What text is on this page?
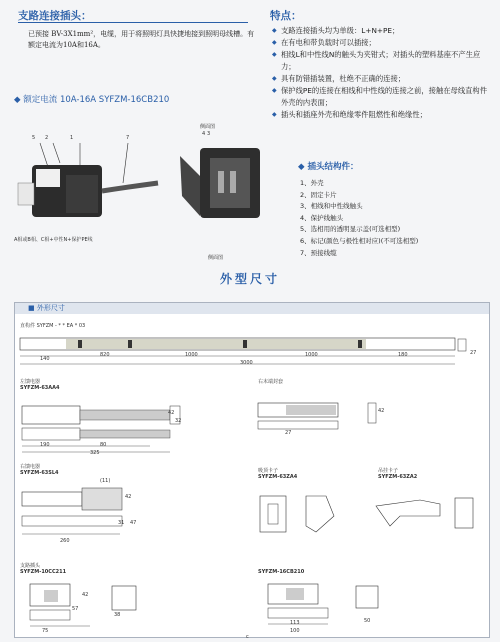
支路连接插头：
已预接 BV-3X1mm²，电缆，用于将照明灯具快捷地接到照明母线槽。有额定电流为10A和16A。
◆ 额定电流 10A-16A SYFZM-16CB210
5 2	1	7
A相或B相、C相+中性N+保护PE线
侧面图
4 3
侧面图
特点：
◆ 支路连接插头均为单级：L+N+PE；
◆ 在有电和带负载时可以插接；
◆ 相线L和中性线N的触头为夹钳式；对插头的塑料基座不产生应力；
◆ 具有防错插装置，杜绝不正确的连接；
◆ 保护线PE的连接在相线和中性线的连接之前，接触在母线直构件外壳的内表面；
◆ 插头和插座外壳和绝缘零件阻燃性和绝缘性；
◆ 插头结构件：
1、外壳
2、固定卡片
3、相线和中性线触头
4、保护线触头
5、选相用的透明显示盖(可选相型)
6、标记(颜色与极性相对应)(不可选相型)
7、预接线缆
外型尺寸
■ 外形尺寸
直构件 SYFZM - * * EA * 03
140
820	1000	1000	180
3000
27
左馈电器
SYFZM-63AA4
190	80
325
42
32
右末端封套
27
42
右馈电器
SYFZM-63SL4
(11)
260
42
47
31
吸顶卡子
SYFZM-63ZA4
吊挂卡子
SYFZM-63ZA2
支路插头
SYFZM-10CC211
75
57
42
38
SYFZM-16CB210
113
100
50
c
